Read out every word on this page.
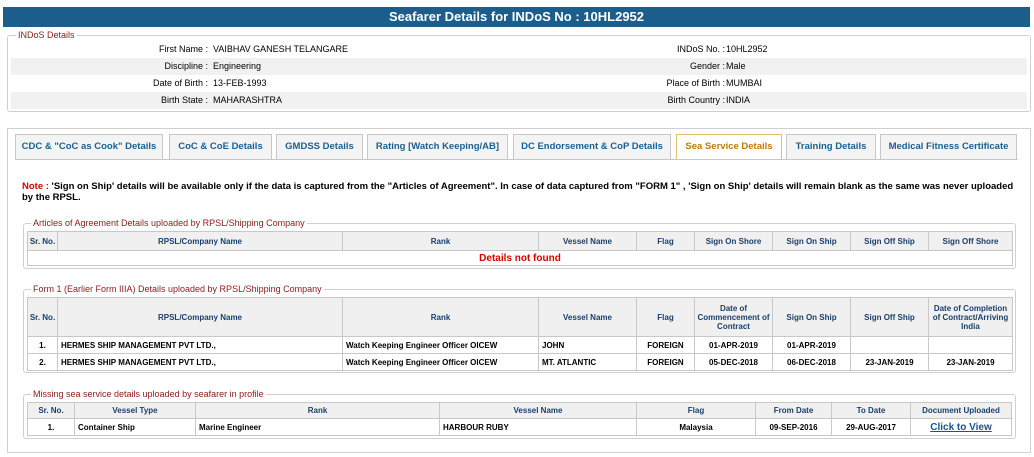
Seafarer Details for INDoS No : 10HL2952
INDoS Details
First Name : VAIBHAV GANESH TELANGARE	INDoS No. : 10HL2952
Discipline : Engineering	Gender : Male
Date of Birth : 13-FEB-1993	Place of Birth : MUMBAI
Birth State : MAHARASHTRA	Birth Country : INDIA
CDC & "CoC as Cook" Details	CoC & CoE Details	GMDSS Details	Rating [Watch Keeping/AB]	DC Endorsement & CoP Details	Sea Service Details	Training Details	Medical Fitness Certificate
Note : 'Sign on Ship' details will be available only if the data is captured from the "Articles of Agreement". In case of data captured from "FORM 1" , 'Sign on Ship' details will remain blank as the same was never uploaded by the RPSL.
Articles of Agreement Details uploaded by RPSL/Shipping Company
Sr. No.	RPSL/Company Name	Rank	Vessel Name	Flag	Sign On Shore	Sign On Ship	Sign Off Ship	Sign Off Shore
Details not found
Form 1 (Earlier Form IIIA) Details uploaded by RPSL/Shipping Company
Sr. No.	RPSL/Company Name	Rank	Vessel Name	Flag	Date of Commencement of Contract	Sign On Ship	Sign Off Ship	Date of Completion of Contract/Arriving India
1.	HERMES SHIP MANAGEMENT PVT LTD.,	Watch Keeping Engineer Officer OICEW	JOHN	FOREIGN	01-APR-2019	01-APR-2019		
2.	HERMES SHIP MANAGEMENT PVT LTD.,	Watch Keeping Engineer Officer OICEW	MT. ATLANTIC	FOREIGN	05-DEC-2018	06-DEC-2018	23-JAN-2019	23-JAN-2019
Missing sea service details uploaded by seafarer in profile
Sr. No.	Vessel Type	Rank	Vessel Name	Flag	From Date	To Date	Document Uploaded
1.	Container Ship	Marine Engineer	HARBOUR RUBY	Malaysia	09-SEP-2016	29-AUG-2017	Click to View
